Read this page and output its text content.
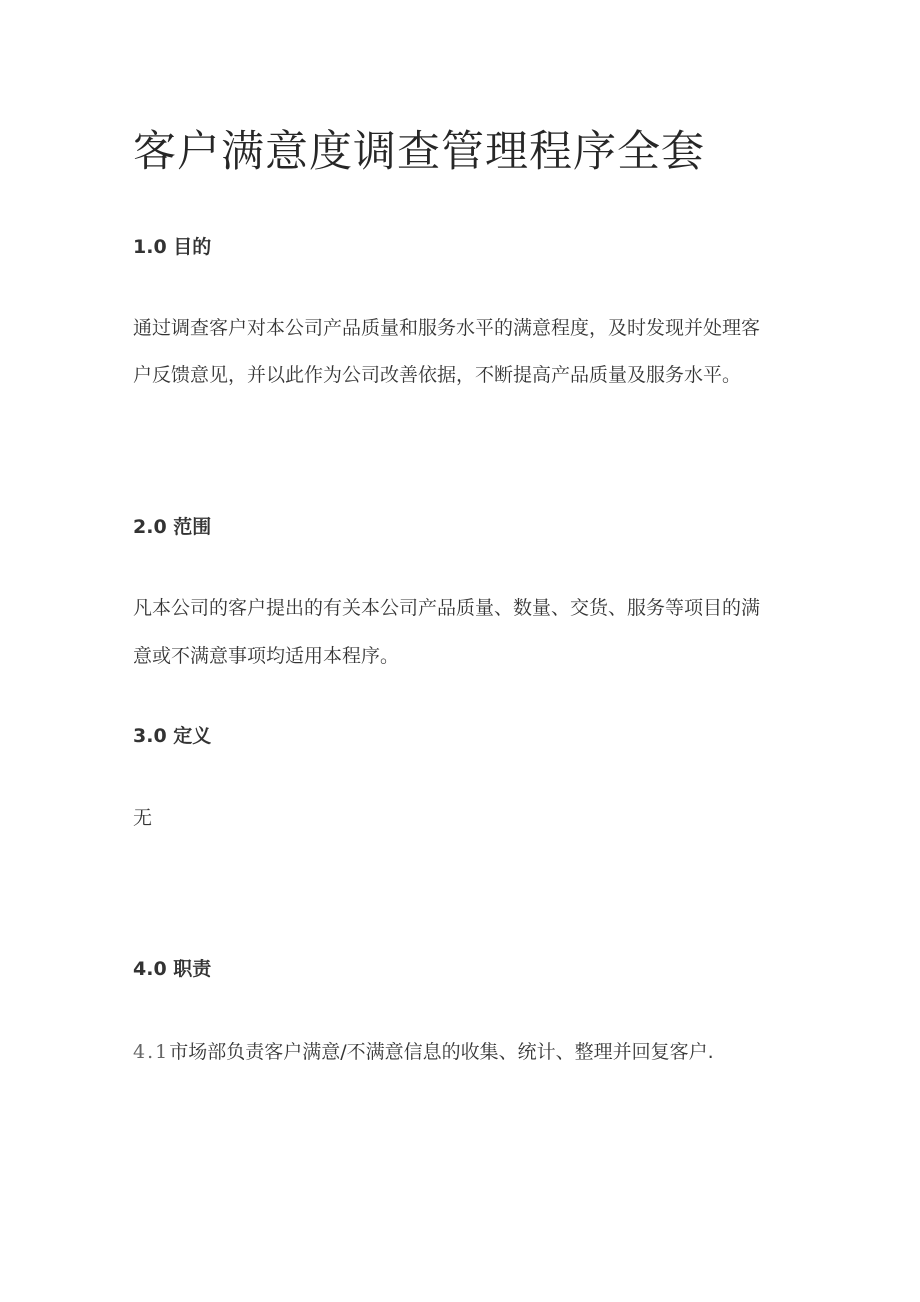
客户满意度调查管理程序全套
1.0 目的
通过调查客户对本公司产品质量和服务水平的满意程度，及时发现并处理客
户反馈意见，并以此作为公司改善依据，不断提高产品质量及服务水平。
2.0 范围
凡本公司的客户提出的有关本公司产品质量、数量、交货、服务等项目的满
意或不满意事项均适用本程序。
3.0 定义
无
4.0 职责
4.1市场部负责客户满意/不满意信息的收集、统计、整理并回复客户.
